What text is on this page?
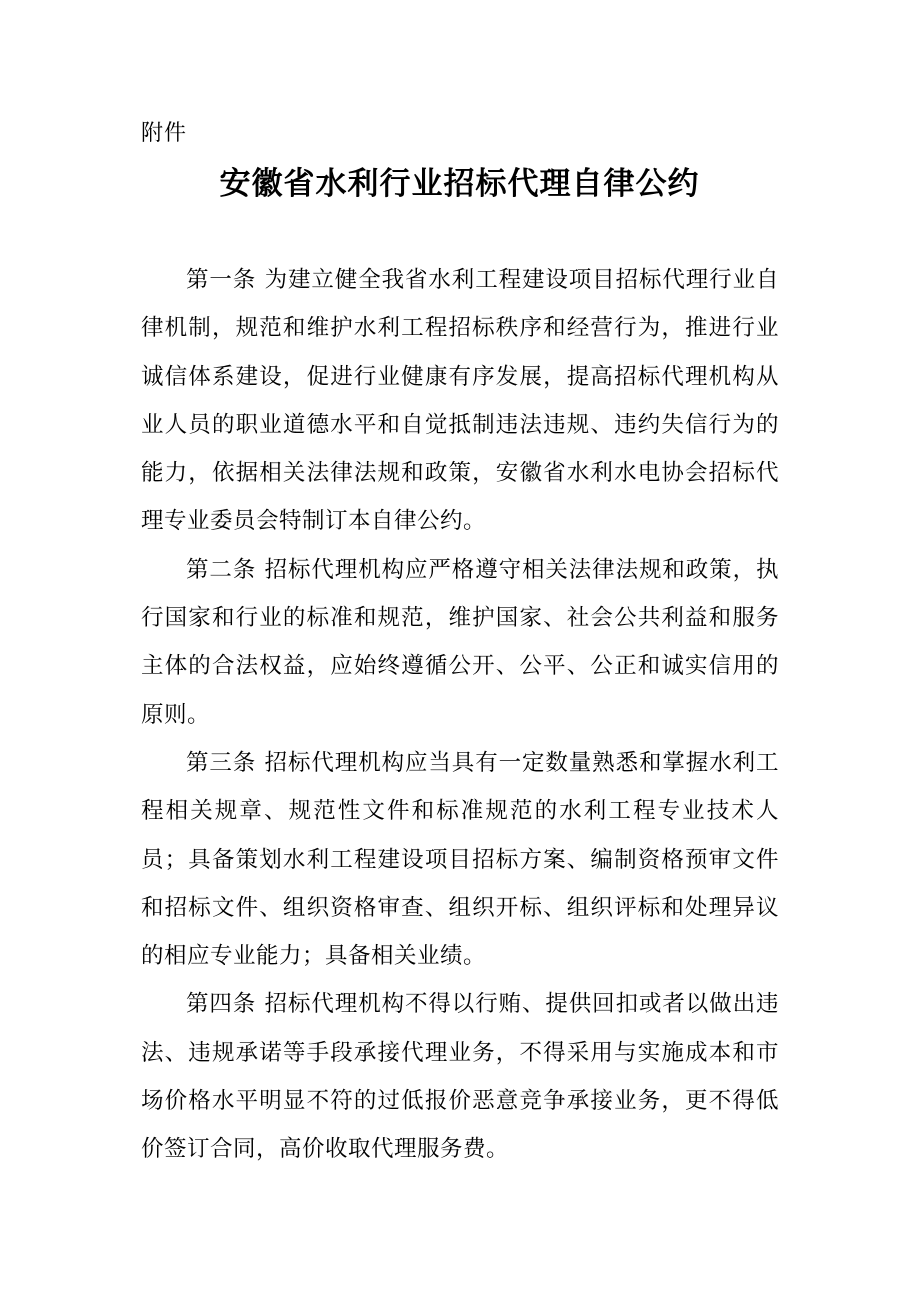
附件
安徽省水利行业招标代理自律公约

第一条 为建立健全我省水利工程建设项目招标代理行业自律机制，规范和维护水利工程招标秩序和经营行为，推进行业诚信体系建设，促进行业健康有序发展，提高招标代理机构从业人员的职业道德水平和自觉抵制违法违规、违约失信行为的能力，依据相关法律法规和政策，安徽省水利水电协会招标代理专业委员会特制订本自律公约。

第二条 招标代理机构应严格遵守相关法律法规和政策，执行国家和行业的标准和规范，维护国家、社会公共利益和服务主体的合法权益，应始终遵循公开、公平、公正和诚实信用的原则。

第三条 招标代理机构应当具有一定数量熟悉和掌握水利工程相关规章、规范性文件和标准规范的水利工程专业技术人员；具备策划水利工程建设项目招标方案、编制资格预审文件和招标文件、组织资格审查、组织开标、组织评标和处理异议的相应专业能力；具备相关业绩。

第四条 招标代理机构不得以行贿、提供回扣或者以做出违法、违规承诺等手段承接代理业务，不得采用与实施成本和市场价格水平明显不符的过低报价恶意竞争承接业务，更不得低价签订合同，高价收取代理服务费。
